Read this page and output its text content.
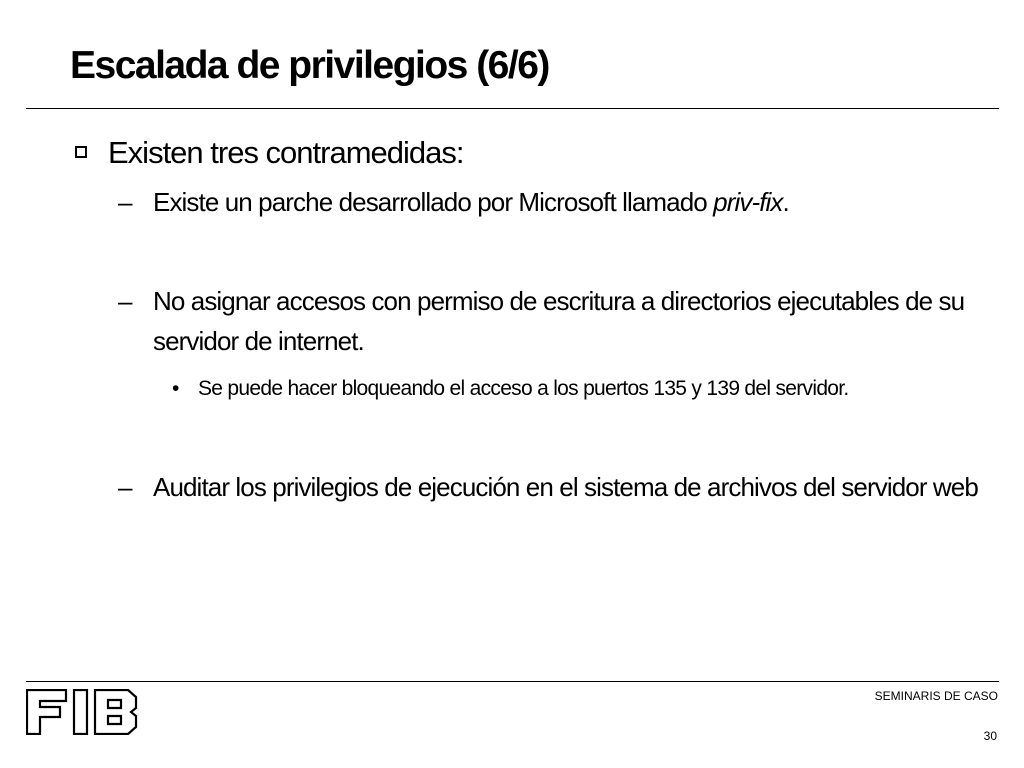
Escalada de privilegios (6/6)
Existen tres contramedidas:
– Existe un parche desarrollado por Microsoft llamado priv-fix.
– No asignar accesos con permiso de escritura a directorios ejecutables de su servidor de internet.
• Se puede hacer bloqueando el acceso a los puertos 135 y 139 del servidor.
– Auditar los privilegios de ejecución en el sistema de archivos del servidor web
SEMINARIS DE CASO
30
